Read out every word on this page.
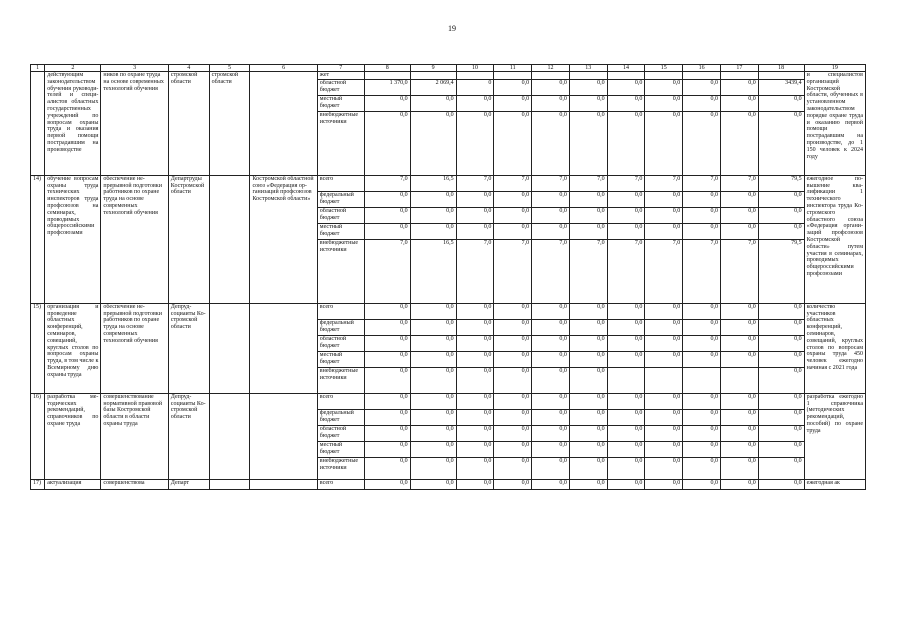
19
1	2	3	4	5	6	7	8	9	10	11	12	13	14	15	16	17	18	19
	действующим законодательством обучения руководителей и специалистов областных государственных учреждений по вопросам охраны труда и оказания первой помощи пострадавшим на производстве	ников по охране труда на основе современных технологий обучения	стромской области	стромской области		жет												и специалистов организаций Костромской области, обученных в установленном законодательством порядке охране труда и оказанию первой помощи пострадавшим на производстве, до 1 150 человек к 2024 году
						областной бюджет	1 370,0	2 069,4	0	0,0	0,0	0,0	0,0	0,0	0,0	0,0	3439,4	
						местный бюджет	0,0	0,0	0,0	0,0	0,0	0,0	0,0	0,0	0,0	0,0	0,0	
						внебюджетные источники	0,0	0,0	0,0	0,0	0,0	0,0	0,0	0,0	0,0	0,0	0,0	
14)	обучение вопросам охраны труда технических инспекторов труда профсоюзов на семинарах, проводимых общероссийскими профсоюзами	обеспечение непрерывной подготовки работников по охране труда на основе современных технологий обучения	Департруды Костромской области		Костромской областной союз «Федерация организаций профсоюзов Костромской области»	всего	7,0	16,5	7,0	7,0	7,0	7,0	7,0	7,0	7,0	7,0	79,5	ежегодное повышение квалификации 1 технического инспектора труда Костромского областного союза «Федерация организаций профсоюзов Костромской области» путем участия в семинарах, проводимых общероссийскими профсоюзами
						федеральный бюджет	0,0	0,0	0,0	0,0	0,0	0,0	0,0	0,0	0,0	0,0	0,0	
						областной бюджет	0,0	0,0	0,0	0,0	0,0	0,0	0,0	0,0	0,0	0,0	0,0	
						местный бюджет	0,0	0,0	0,0	0,0	0,0	0,0	0,0	0,0	0,0	0,0	0,0	
						внебюджетные источники	7,0	16,5	7,0	7,0	7,0	7,0	7,0	7,0	7,0	7,0	79,5	
15)	организация и проведение областных конференций, семинаров, совещаний, круглых столов по вопросам охраны труда, в том числе к Всемирному дню охраны труда	обеспечение непрерывной подготовки работников по охране труда на основе современных технологий обучения	Депрудсоциаиты Костромской области			всего	0,0	0,0	0,0	0,0	0,0	0,0	0,0	0,0	0,0	0,0	0,0	количество участников областных конференций, семинаров, совещаний, круглых столов по вопросам охраны труда 450 человек ежегодно начиная с 2021 года
						федеральный бюджет	0,0	0,0	0,0	0,0	0,0	0,0	0,0	0,0	0,0	0,0	0,0	
						областной бюджет	0,0	0,0	0,0	0,0	0,0	0,0	0,0	0,0	0,0	0,0	0,0	
						местный бюджет	0,0	0,0	0,0	0,0	0,0	0,0	0,0	0,0	0,0	0,0	0,0	
						внебюджетные источники	0,0	0,0	0,0	0,0	0,0	0,0					0,0	
16)	разработка методических рекомендаций, справочников по охране труда	совершенствование нормативной правовой базы Костромской области в области охраны труда	Депрудсоциаиты Костромской области			всего	0,0	0,0	0,0	0,0	0,0	0,0	0,0	0,0	0,0	0,0	0,0	разработка ежегодно 1 справочника (методических рекомендаций, пособий) по охране труда
						федеральный бюджет	0,0	0,0	0,0	0,0	0,0	0,0	0,0	0,0	0,0	0,0	0,0	
						областной бюджет	0,0	0,0	0,0	0,0	0,0	0,0	0,0	0,0	0,0	0,0	0,0	
						местный бюджет	0,0	0,0	0,0	0,0	0,0	0,0	0,0	0,0	0,0	0,0	0,0	
						внебюджетные источники	0,0	0,0	0,0	0,0	0,0	0,0	0,0	0,0	0,0	0,0	0,0	
17)	актуализация	совершенствова	Департ			всего	0,0	0,0	0,0	0,0	0,0	0,0	0,0	0,0	0,0	0,0	0,0	ежегодная ак
